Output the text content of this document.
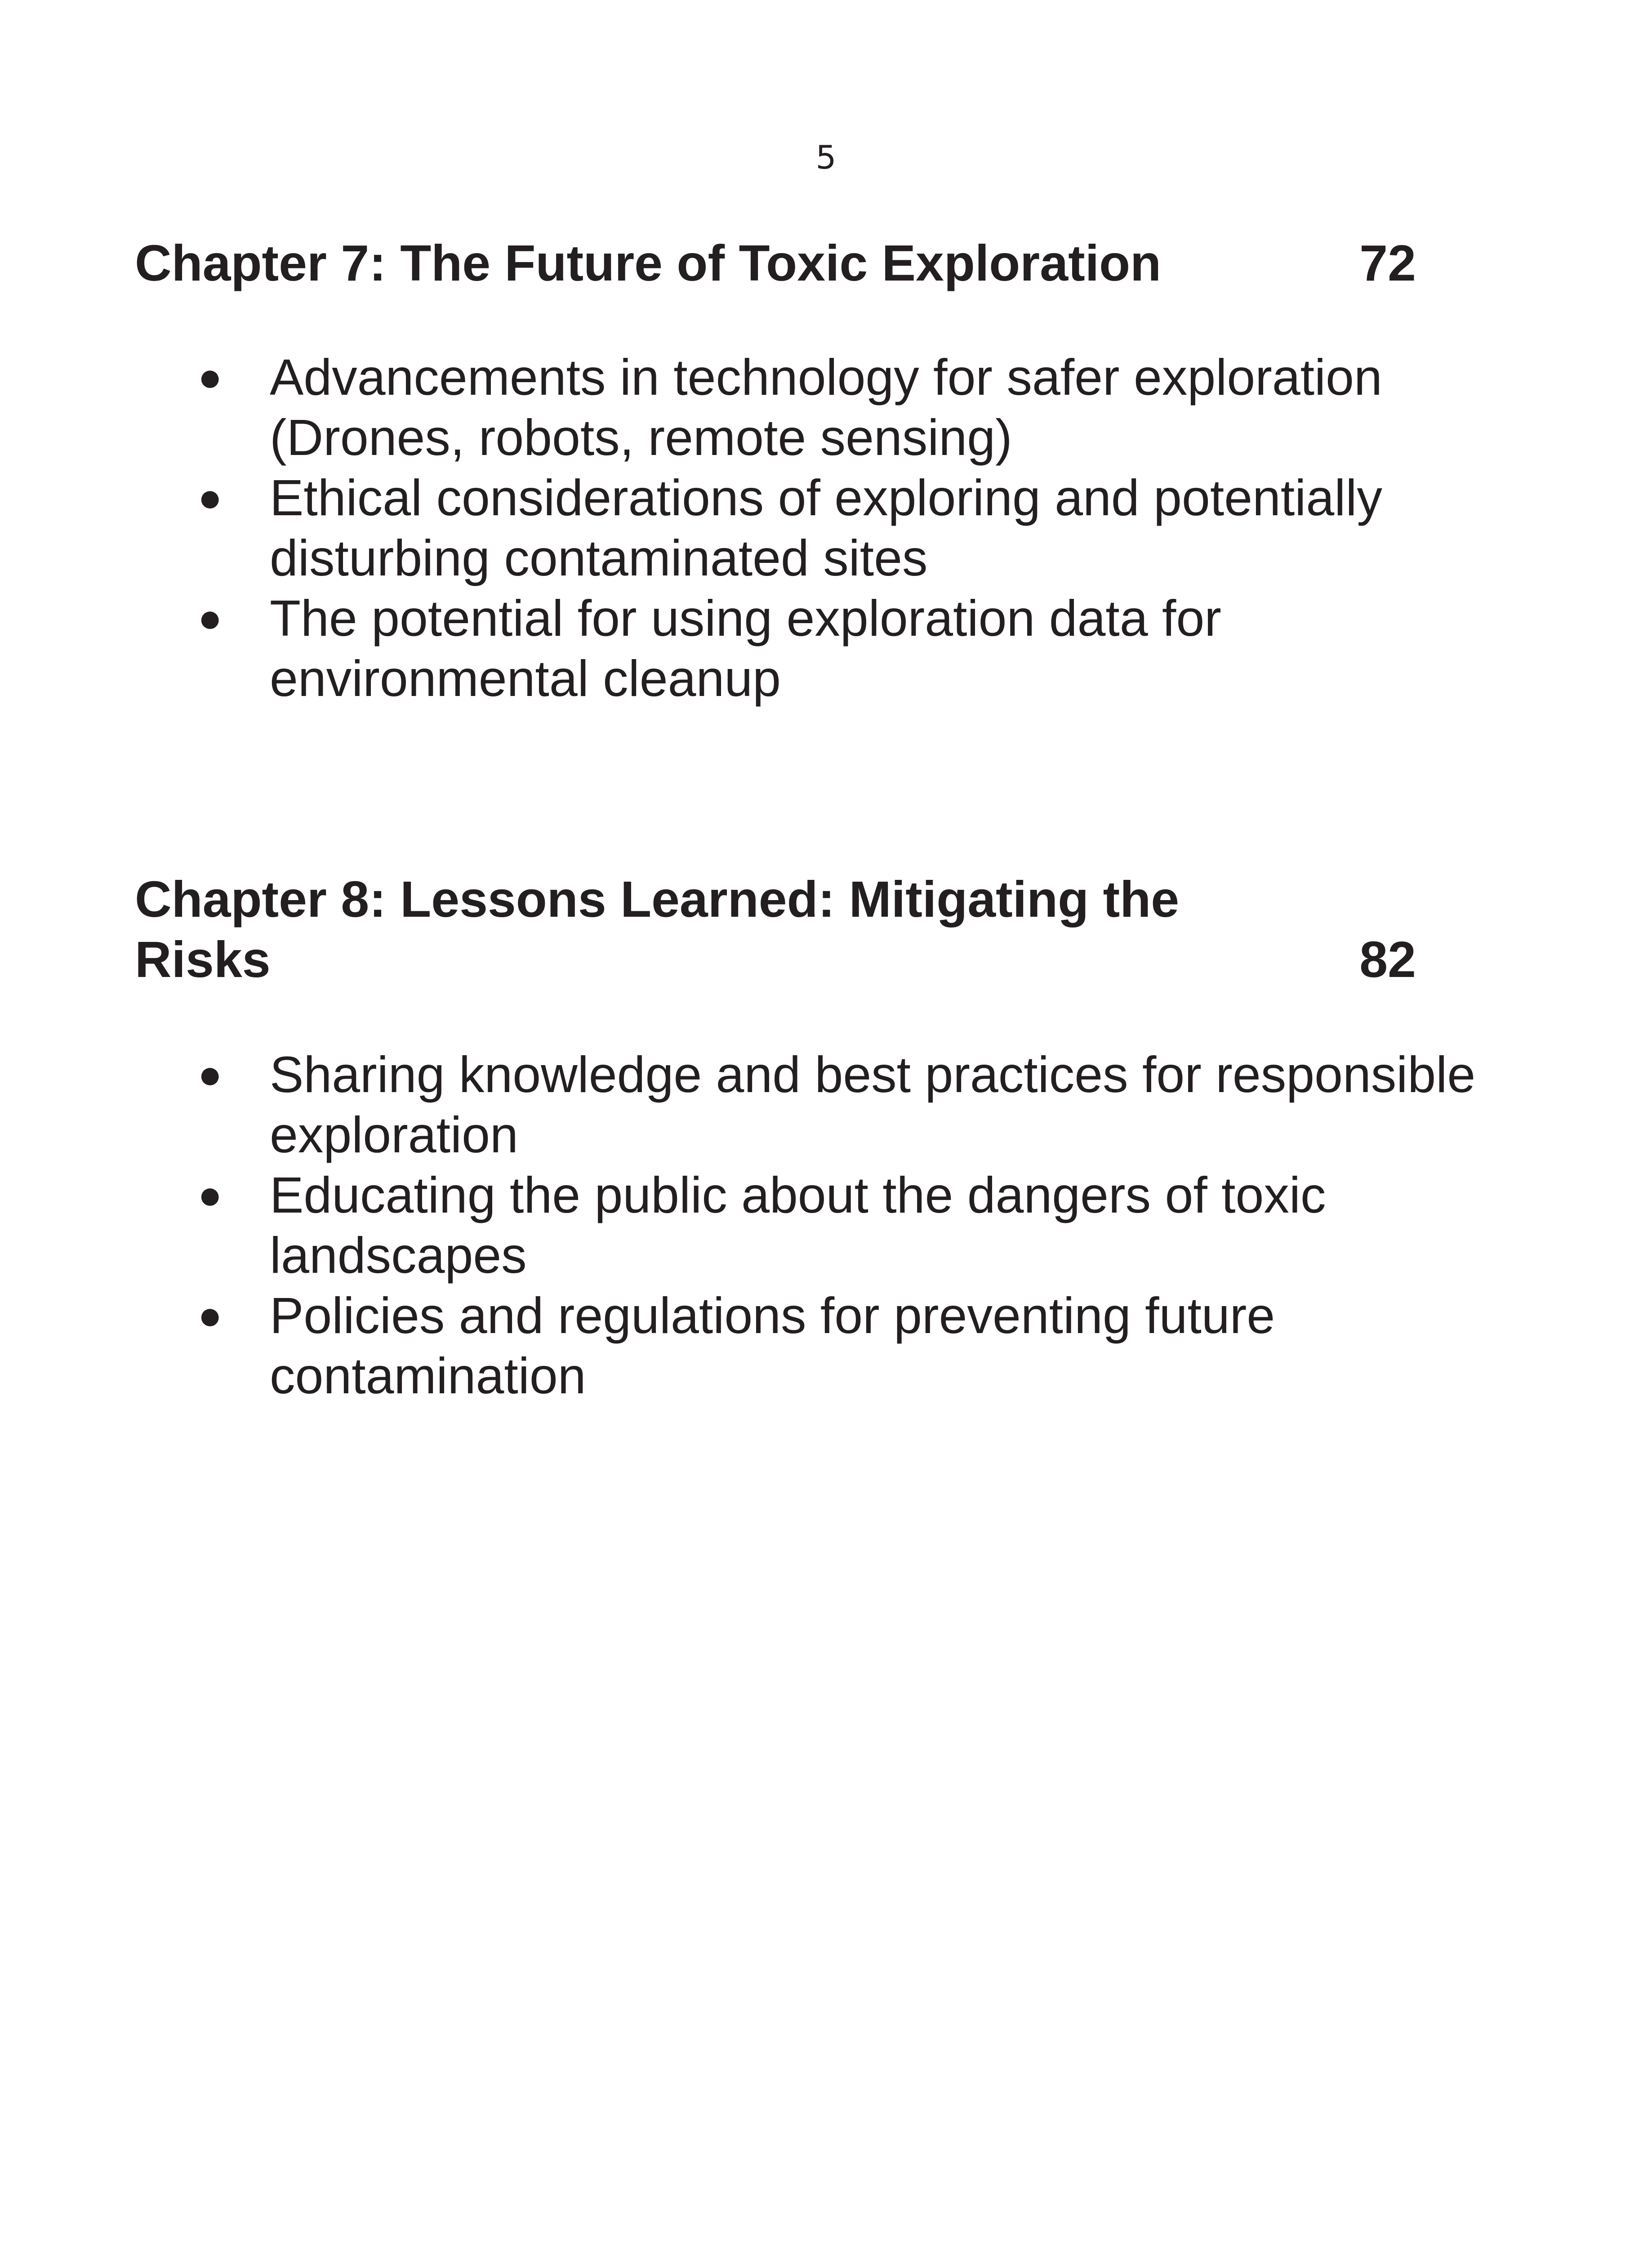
5
Chapter 7: The Future of Toxic Exploration	72
● Advancements in technology for safer exploration (Drones, robots, remote sensing)
● Ethical considerations of exploring and potentially disturbing contaminated sites
● The potential for using exploration data for environmental cleanup
Chapter 8: Lessons Learned: Mitigating the Risks	82
● Sharing knowledge and best practices for responsible exploration
● Educating the public about the dangers of toxic landscapes
● Policies and regulations for preventing future contamination
